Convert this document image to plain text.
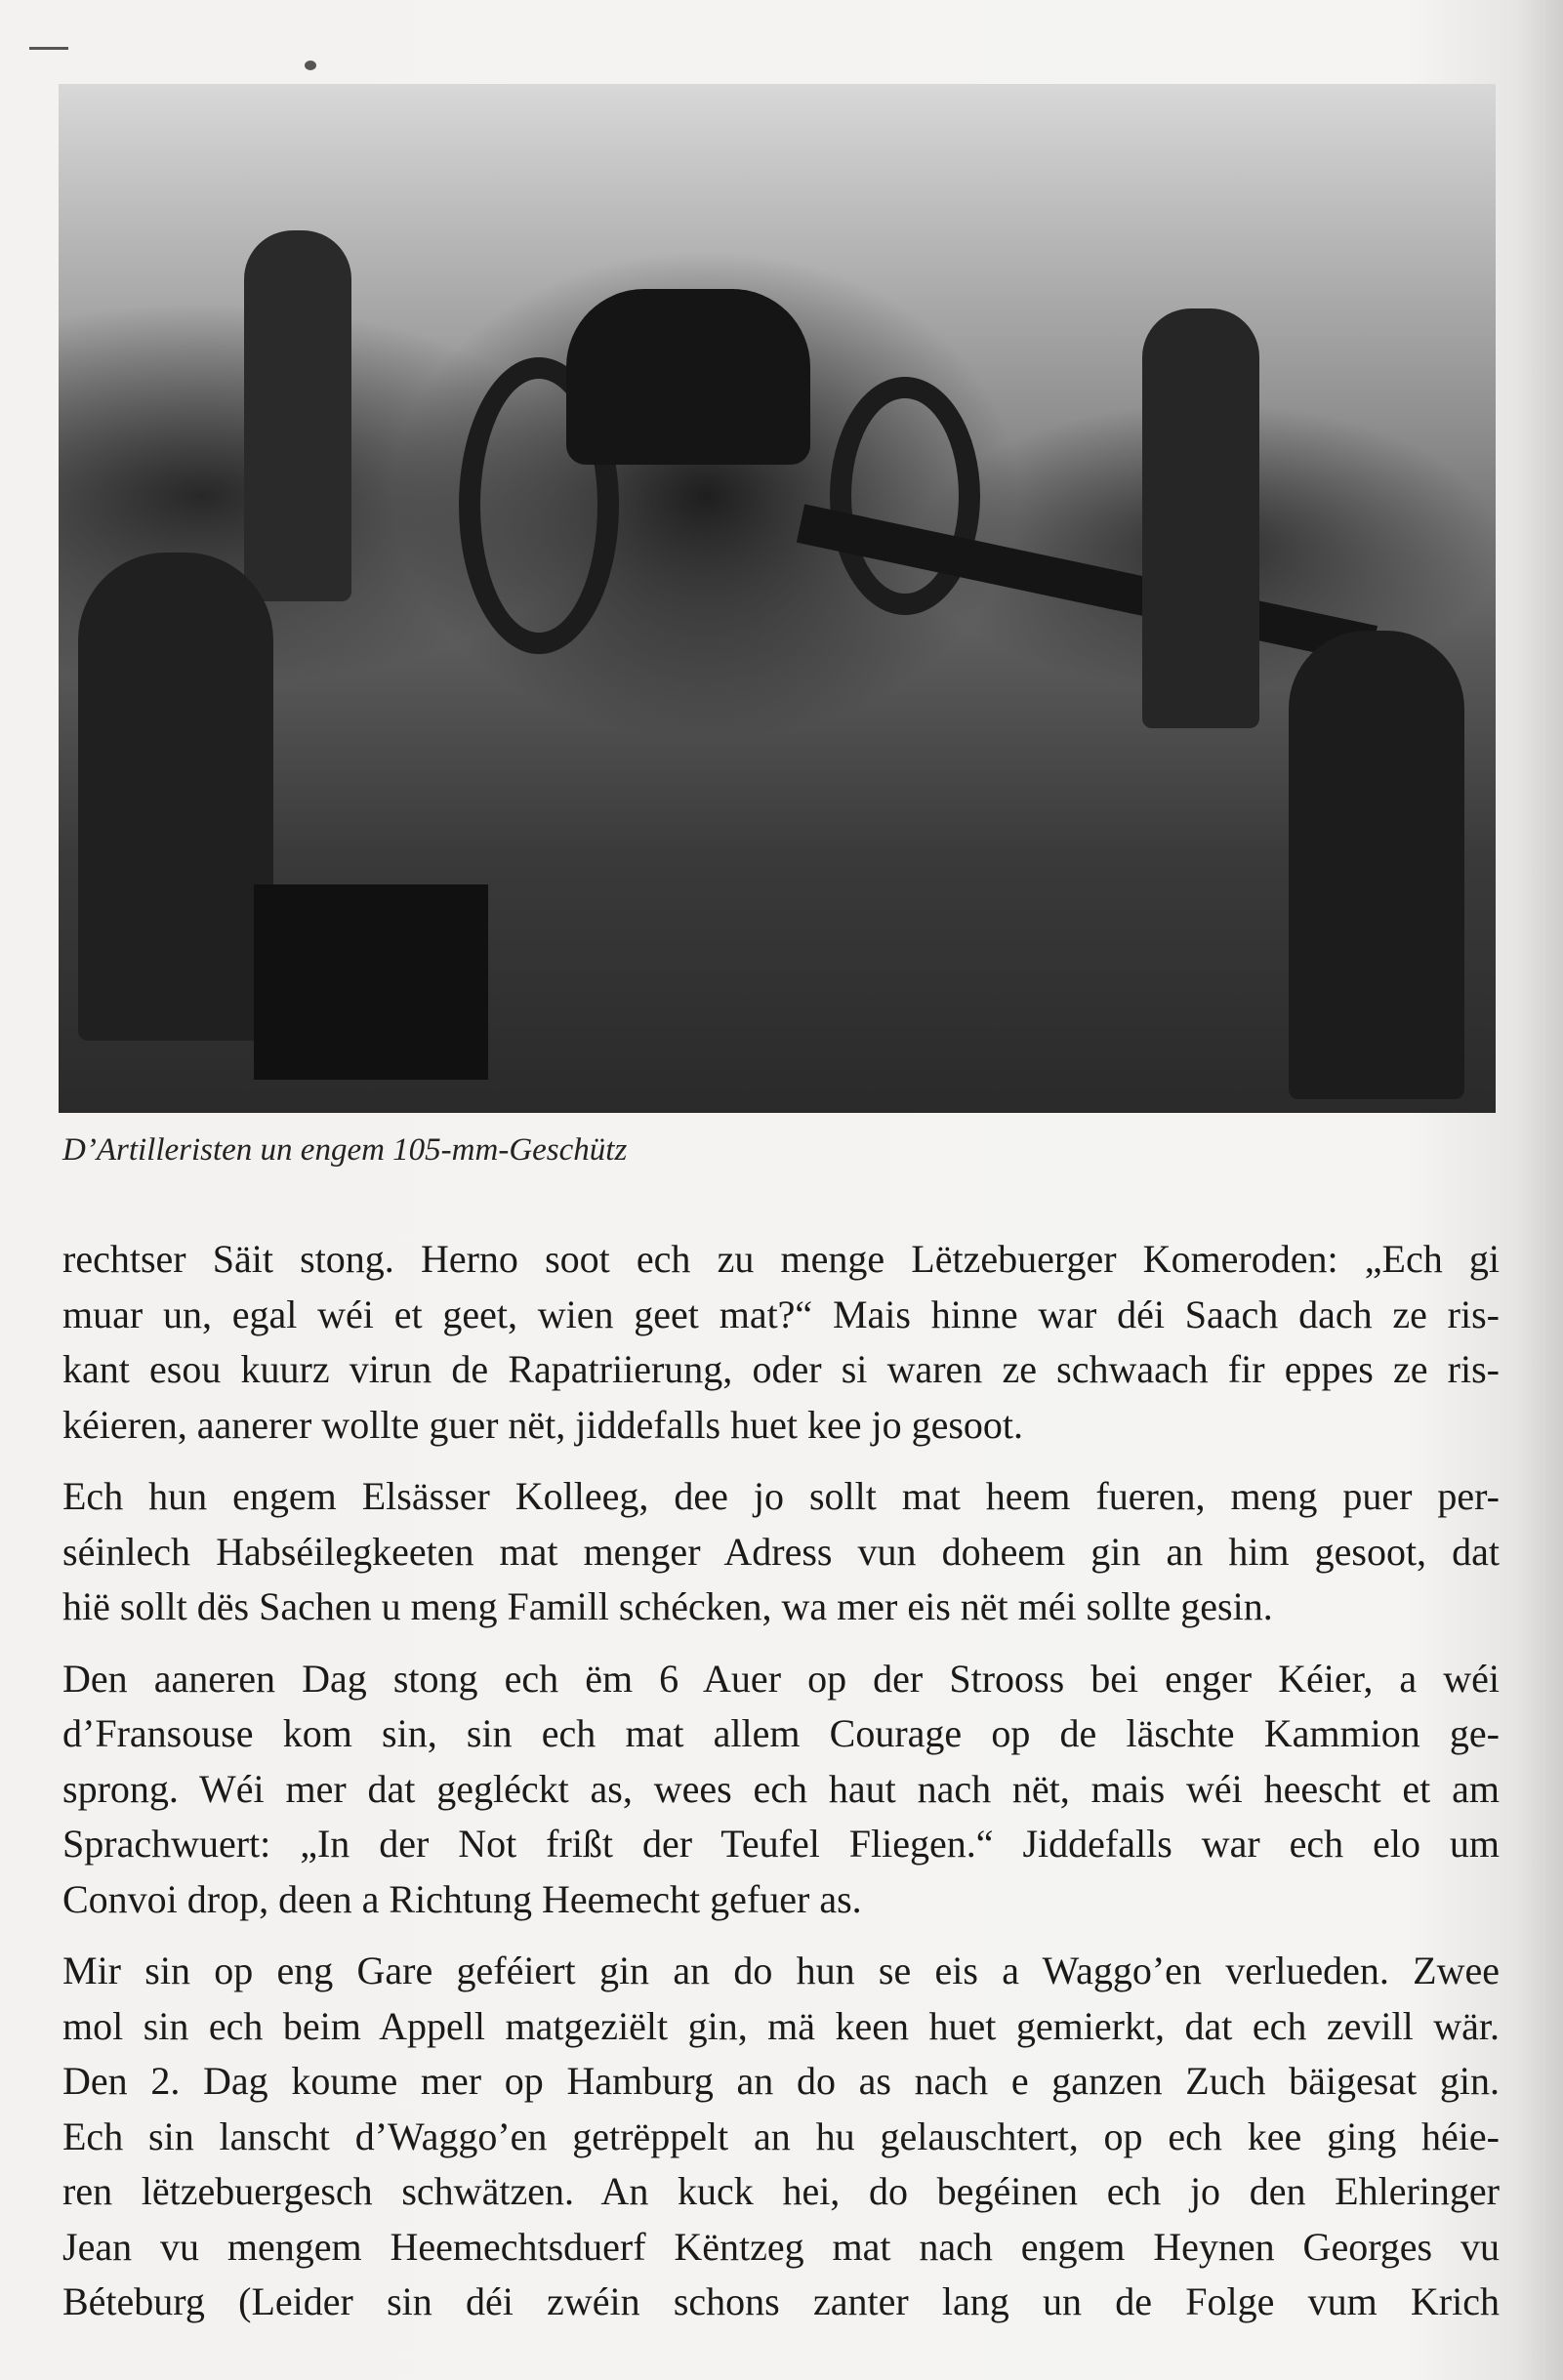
D’Artilleristen un engem 105-mm-Geschütz
rechtser Säit stong. Herno soot ech zu menge Lëtzebuerger Komeroden: „Ech gi
muar un, egal wéi et geet, wien geet mat?“ Mais hinne war déi Saach dach ze ris-
kant esou kuurz virun de Rapatriierung, oder si waren ze schwaach fir eppes ze ris-
kéieren, aanerer wollte guer nët, jiddefalls huet kee jo gesoot.
Ech hun engem Elsässer Kolleeg, dee jo sollt mat heem fueren, meng puer per-
séinlech Habséilegkeeten mat menger Adress vun doheem gin an him gesoot, dat
hië sollt dës Sachen u meng Famill schécken, wa mer eis nët méi sollte gesin.
Den aaneren Dag stong ech ëm 6 Auer op der Strooss bei enger Kéier, a wéi
d’Fransouse kom sin, sin ech mat allem Courage op de läschte Kammion ge-
sprong. Wéi mer dat gegléckt as, wees ech haut nach nët, mais wéi heescht et am
Sprachwuert: „In der Not frißt der Teufel Fliegen.“ Jiddefalls war ech elo um
Convoi drop, deen a Richtung Heemecht gefuer as.
Mir sin op eng Gare geféiert gin an do hun se eis a Waggo’en verlueden. Zwee
mol sin ech beim Appell matgeziëlt gin, mä keen huet gemierkt, dat ech zevill wär.
Den 2. Dag koume mer op Hamburg an do as nach e ganzen Zuch bäigesat gin.
Ech sin lanscht d’Waggo’en getrëppelt an hu gelauschtert, op ech kee ging héie-
ren lëtzebuergesch schwätzen. An kuck hei, do begéinen ech jo den Ehleringer
Jean vu mengem Heemechtsduerf Këntzeg mat nach engem Heynen Georges vu
Béteburg (Leider sin déi zwéin schons zanter lang un de Folge vum Krich
